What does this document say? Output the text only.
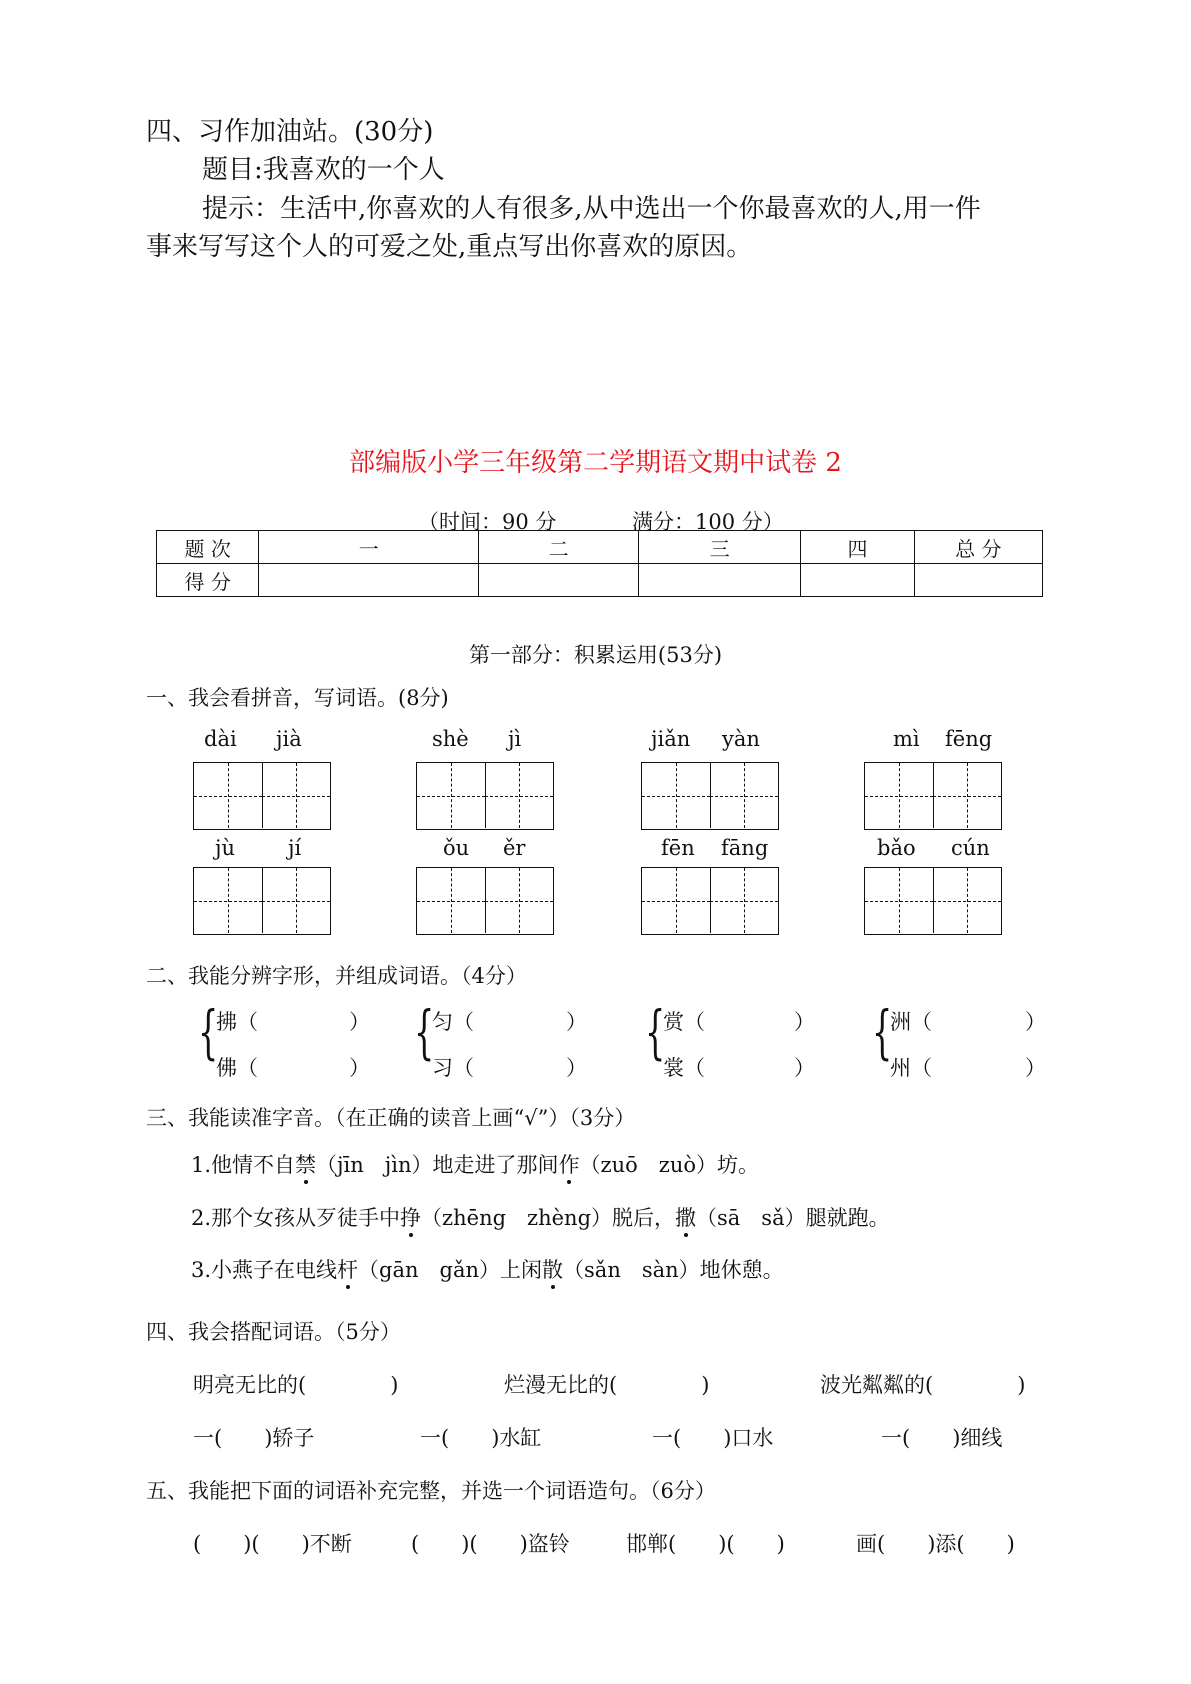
四、习作加油站。(30分)
题目:我喜欢的一个人
提示：生活中,你喜欢的人有很多,从中选出一个你最喜欢的人,用一件
事来写写这个人的可爱之处,重点写出你喜欢的原因。
部编版小学三年级第二学期语文期中试卷 2
（时间：90 分	满分：100 分）
题 次	一	二	三	四	总 分
得 分					
第一部分：积累运用(53分)
一、我会看拼音，写词语。(8分)
dài jià	shè jì	jiǎn yàn	mì fēng
jù	jí	ǒu ěr	fēn fāng	bǎo cún
二、我能分辨字形，并组成词语。（4分）
{
拂（	）
佛（	）
{
匀（	）
习（	）
{
赏（	）
裳（	）
{
洲（	）
州（	）
三、我能读准字音。（在正确的读音上画“√”）（3分）
1.他情不自禁（jīn　jìn）地走进了那间作（zuō　zuò）坊。
2.那个女孩从歹徒手中挣（zhēng　zhèng）脱后，撒（sā　sǎ）腿就跑。
3.小燕子在电线杆（gān　gǎn）上闲散（sǎn　sàn）地休憩。
四、我会搭配词语。（5分）
明亮无比的(　　　　)	烂漫无比的(　　　　)	波光粼粼的(　　　　)
一(　　)轿子	一(　　)水缸	一(　　)口水	一(　　)细线
五、我能把下面的词语补充完整，并选一个词语造句。（6分）
(　　)(　　)不断	(　　)(　　)盗铃	邯郸(　　)(　　)	画(　　)添(　　)
